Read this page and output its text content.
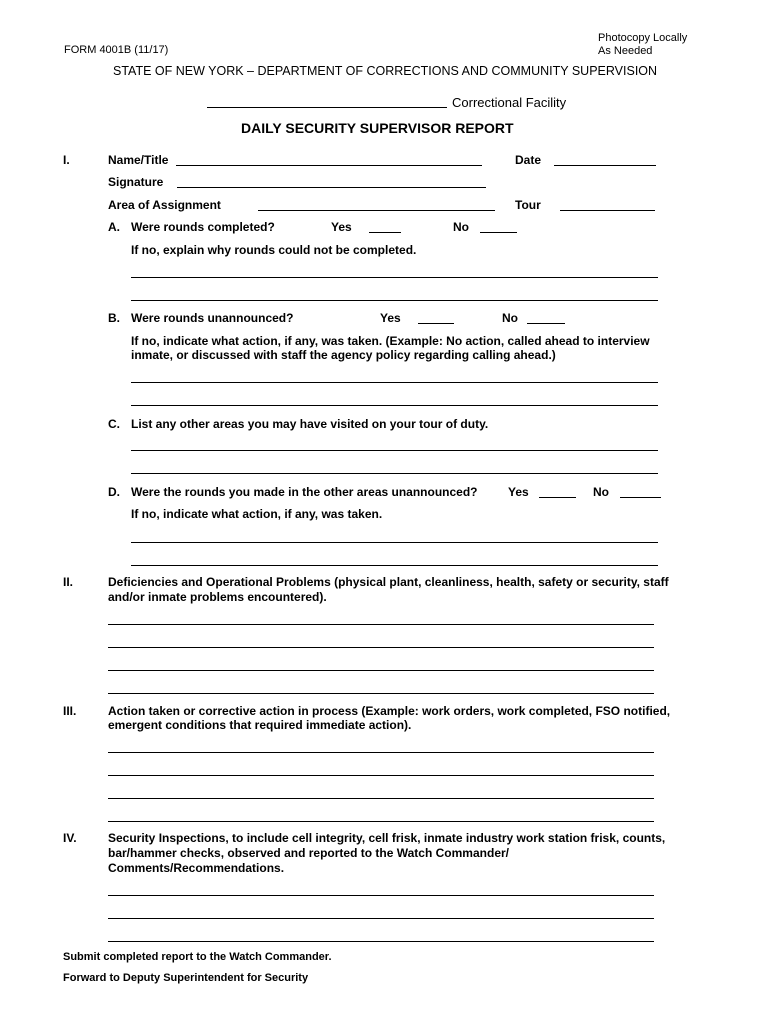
Photocopy Locally
As Needed
FORM 4001B (11/17)
STATE OF NEW YORK – DEPARTMENT OF CORRECTIONS AND COMMUNITY SUPERVISION
Correctional Facility
DAILY SECURITY SUPERVISOR REPORT
I.	Name/Title	Date
Signature
Area of Assignment	Tour
A. Were rounds completed?	Yes	No
If no, explain why rounds could not be completed.
B. Were rounds unannounced?	Yes	No
If no, indicate what action, if any, was taken. (Example: No action, called ahead to interview
inmate, or discussed with staff the agency policy regarding calling ahead.)
C. List any other areas you may have visited on your tour of duty.
D. Were the rounds you made in the other areas unannounced?	Yes	No
If no, indicate what action, if any, was taken.
II.	Deficiencies and Operational Problems (physical plant, cleanliness, health, safety or security, staff
and/or inmate problems encountered).
III.	Action taken or corrective action in process (Example: work orders, work completed, FSO notified,
emergent conditions that required immediate action).
IV.	Security Inspections, to include cell integrity, cell frisk, inmate industry work station frisk, counts,
bar/hammer checks, observed and reported to the Watch Commander/
Comments/Recommendations.
Submit completed report to the Watch Commander.
Forward to Deputy Superintendent for Security
